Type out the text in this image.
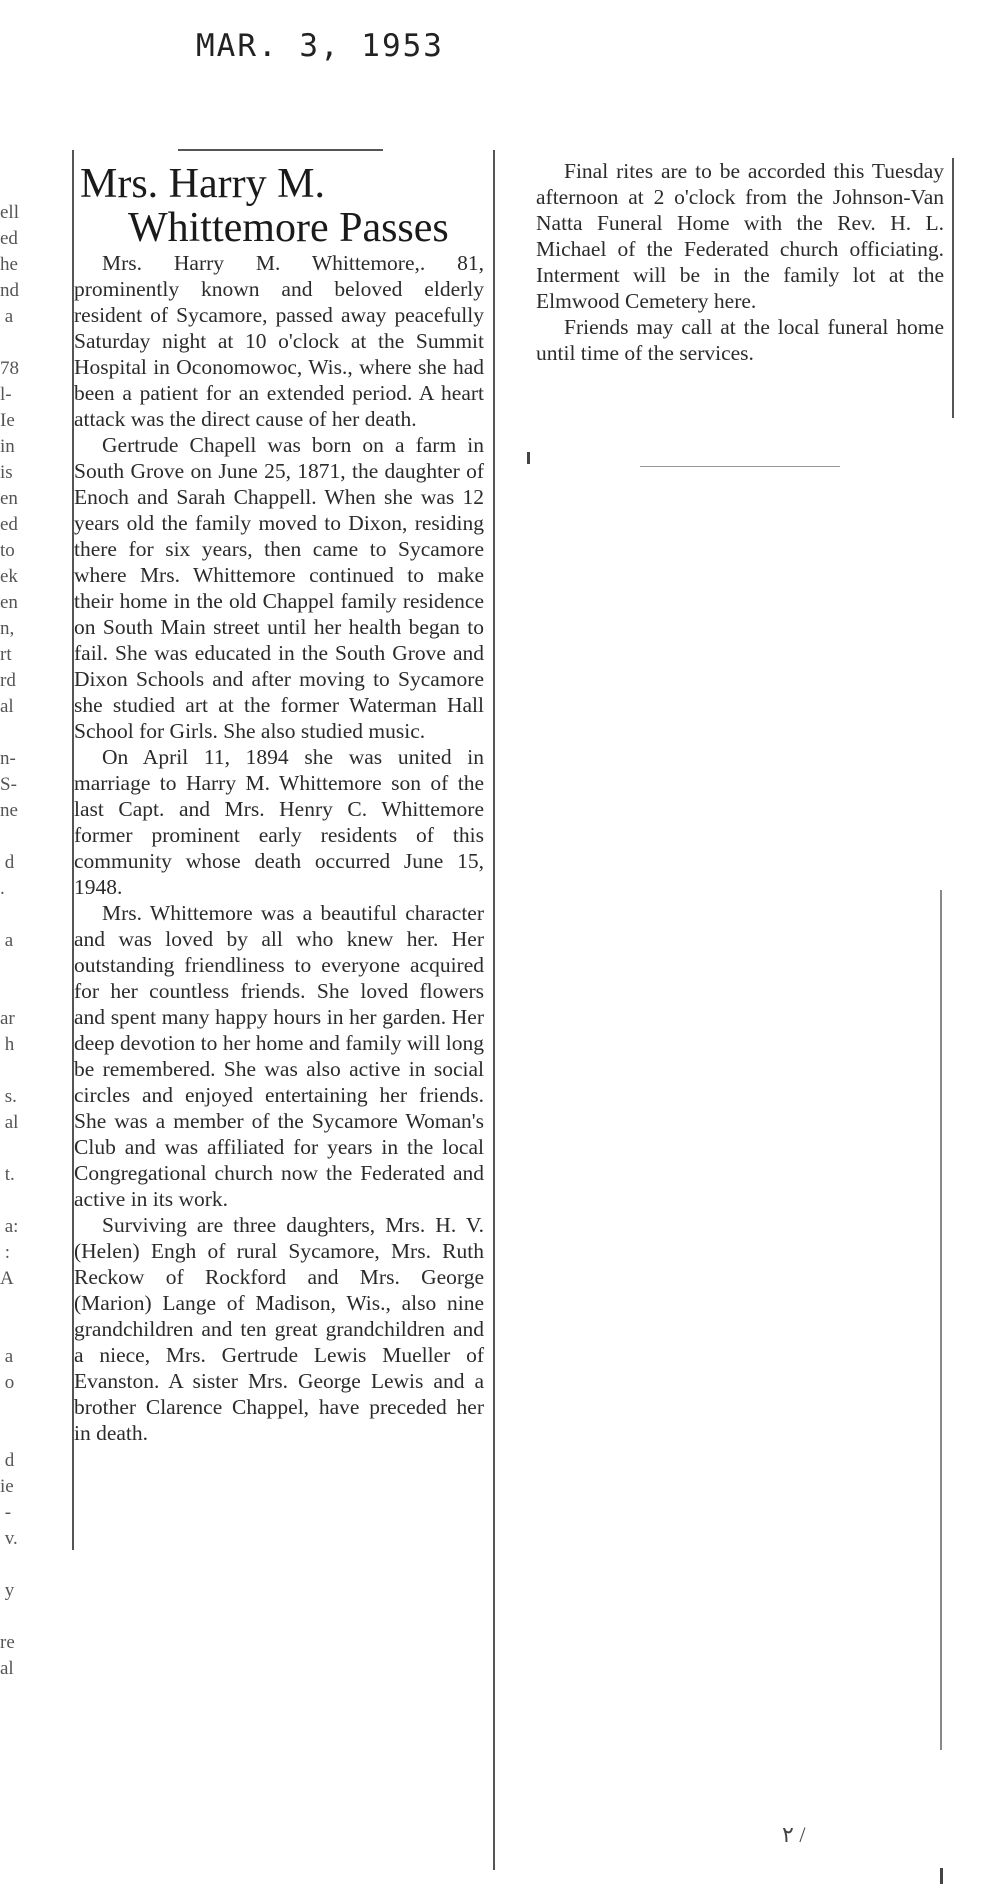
MAR. 3, 1953
ell
ed
he
nd
a

78
l-
Ie
in
is
en
ed
to
ek
en
n,
rt
rd
al

n-
S-
ne

d
.

a

ar
h

s.
al

t.

a:
:
A

a
o

d
ie
-
v.

y

re
al
Mrs. Harry M.
Whittemore Passes

Mrs. Harry M. Whittemore,. 81, prominently known and beloved elderly resident of Sycamore, passed away peacefully Saturday night at 10 o'clock at the Summit Hospital in Oconomowoc, Wis., where she had been a patient for an extended period. A heart attack was the direct cause of her death.

Gertrude Chapell was born on a farm in South Grove on June 25, 1871, the daughter of Enoch and Sarah Chappell. When she was 12 years old the family moved to Dixon, residing there for six years, then came to Sycamore where Mrs. Whittemore continued to make their home in the old Chappel family residence on South Main street until her health began to fail. She was educated in the South Grove and Dixon Schools and after moving to Sycamore she studied art at the former Waterman Hall School for Girls. She also studied music.

On April 11, 1894 she was united in marriage to Harry M. Whittemore son of the last Capt. and Mrs. Henry C. Whittemore former prominent early residents of this community whose death occurred June 15, 1948.

Mrs. Whittemore was a beautiful character and was loved by all who knew her. Her outstanding friendliness to everyone acquired for her countless friends. She loved flowers and spent many happy hours in her garden. Her deep devotion to her home and family will long be remembered. She was also active in social circles and enjoyed entertaining her friends. She was a member of the Sycamore Woman's Club and was affiliated for years in the local Congregational church now the Federated and active in its work.

Surviving are three daughters, Mrs. H. V. (Helen) Engh of rural Sycamore, Mrs. Ruth Reckow of Rockford and Mrs. George (Marion) Lange of Madison, Wis., also nine grandchildren and ten great grandchildren and a niece, Mrs. Gertrude Lewis Mueller of Evanston. A sister Mrs. George Lewis and a brother Clarence Chappel, have preceded her in death.

Final rites are to be accorded this Tuesday afternoon at 2 o'clock from the Johnson-Van Natta Funeral Home with the Rev. H. L. Michael of the Federated church officiating. Interment will be in the family lot at the Elmwood Cemetery here.

Friends may call at the local funeral home until time of the services.

۲ /
